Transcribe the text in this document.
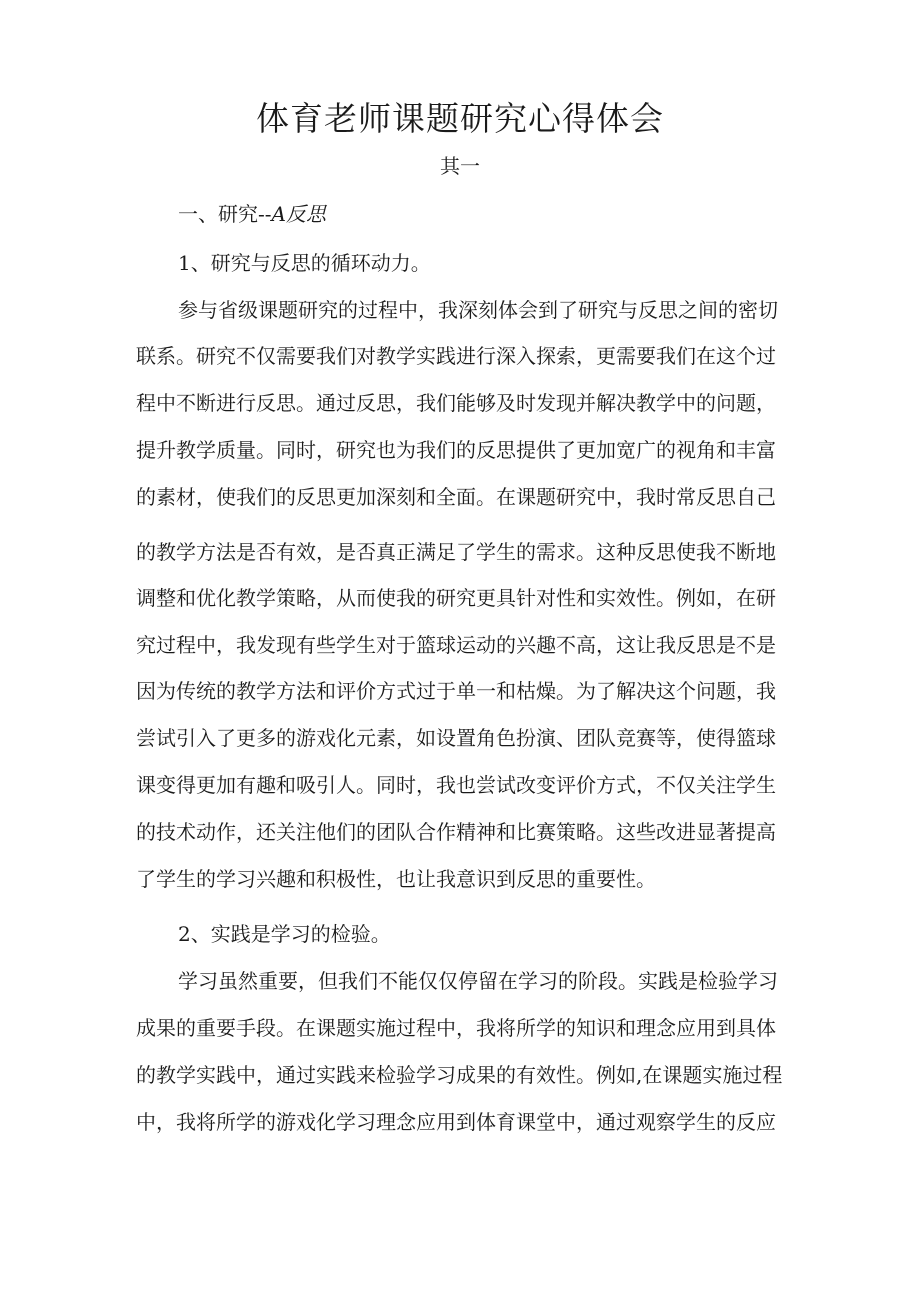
体育老师课题研究心得体会
其一
一、研究--A反思
1、研究与反思的循环动力。
参与省级课题研究的过程中，我深刻体会到了研究与反思之间的密切
联系。研究不仅需要我们对教学实践进行深入探索，更需要我们在这个过
程中不断进行反思。通过反思，我们能够及时发现并解决教学中的问题，
提升教学质量。同时，研究也为我们的反思提供了更加宽广的视角和丰富
的素材，使我们的反思更加深刻和全面。在课题研究中，我时常反思自己
的教学方法是否有效，是否真正满足了学生的需求。这种反思使我不断地
调整和优化教学策略，从而使我的研究更具针对性和实效性。例如，在研
究过程中，我发现有些学生对于篮球运动的兴趣不高，这让我反思是不是
因为传统的教学方法和评价方式过于单一和枯燥。为了解决这个问题，我
尝试引入了更多的游戏化元素，如设置角色扮演、团队竞赛等，使得篮球
课变得更加有趣和吸引人。同时，我也尝试改变评价方式，不仅关注学生
的技术动作，还关注他们的团队合作精神和比赛策略。这些改进显著提高
了学生的学习兴趣和积极性，也让我意识到反思的重要性。
2、实践是学习的检验。
学习虽然重要，但我们不能仅仅停留在学习的阶段。实践是检验学习
成果的重要手段。在课题实施过程中，我将所学的知识和理念应用到具体
的教学实践中，通过实践来检验学习成果的有效性。例如,在课题实施过程
中，我将所学的游戏化学习理念应用到体育课堂中，通过观察学生的反应
